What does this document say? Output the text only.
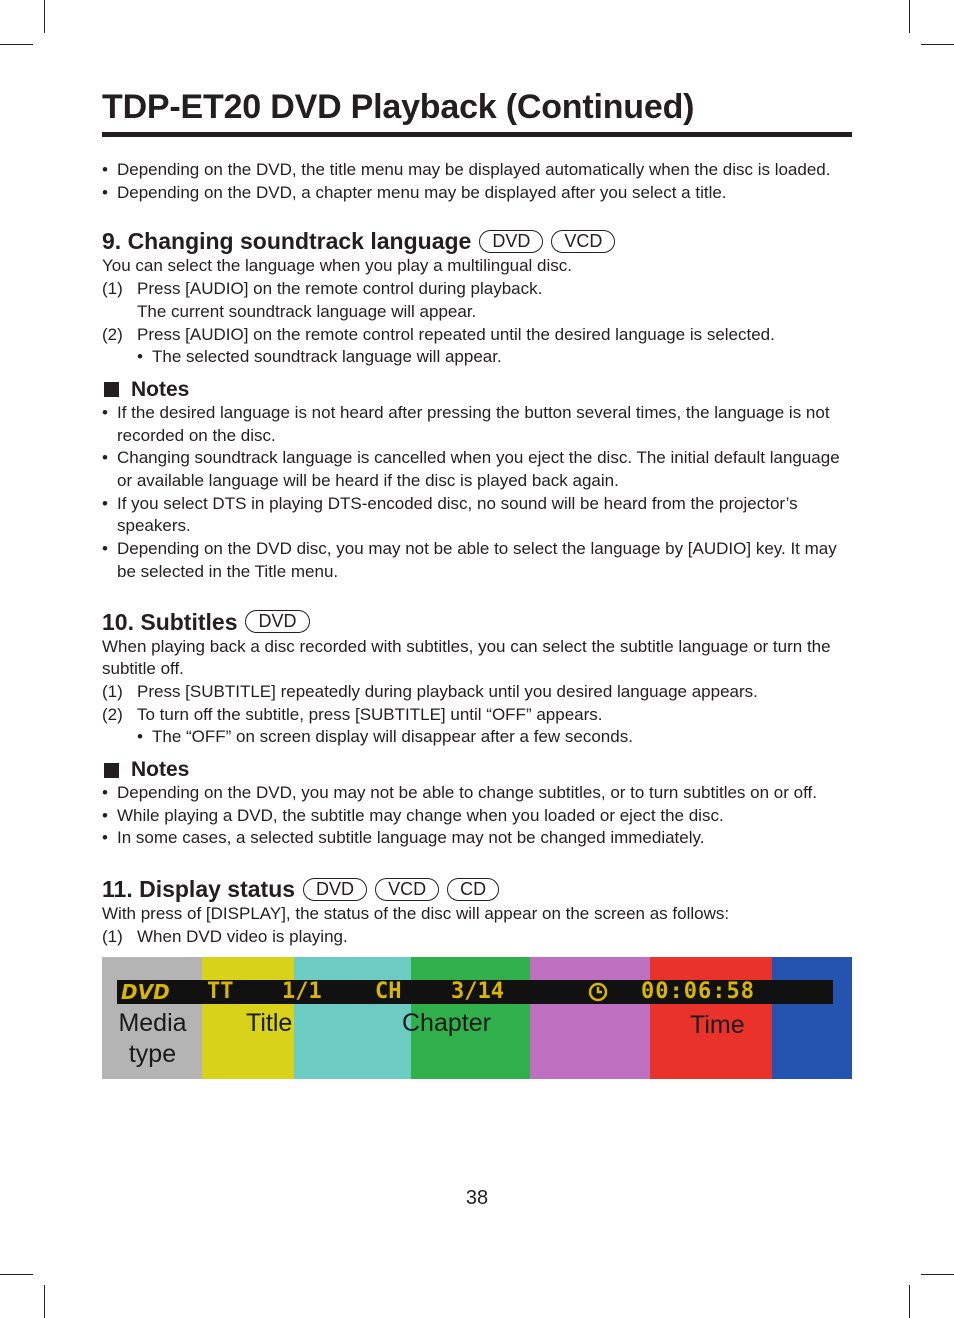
TDP-ET20 DVD Playback (Continued)
• Depending on the DVD, the title menu may be displayed automatically when the disc is loaded.
• Depending on the DVD, a chapter menu may be displayed after you select a title.
9. Changing soundtrack language	DVD	VCD
You can select the language when you play a multilingual disc.
(1) Press [AUDIO] on the remote control during playback.
The current soundtrack language will appear.
(2) Press [AUDIO] on the remote control repeated until the desired language is selected.
• The selected soundtrack language will appear.
Notes
• If the desired language is not heard after pressing the button several times, the language is not recorded on the disc.
• Changing soundtrack language is cancelled when you eject the disc. The initial default language or available language will be heard if the disc is played back again.
• If you select DTS in playing DTS-encoded disc, no sound will be heard from the projector’s speakers.
• Depending on the DVD disc, you may not be able to select the language by [AUDIO] key. It may be selected in the Title menu.
10. Subtitles	DVD
When playing back a disc recorded with subtitles, you can select the subtitle language or turn the subtitle off.
(1) Press [SUBTITLE] repeatedly during playback until you desired language appears.
(2) To turn off the subtitle, press [SUBTITLE] until “OFF” appears.
• The “OFF” on screen display will disappear after a few seconds.
Notes
• Depending on the DVD, you may not be able to change subtitles, or to turn subtitles on or off.
• While playing a DVD, the subtitle may change when you loaded or eject the disc.
• In some cases, a selected subtitle language may not be changed immediately.
11. Display status	DVD	VCD	CD
With press of [DISPLAY], the status of the disc will appear on the screen as follows:
(1) When DVD video is playing.
DVD TT 1/1 CH 3/14	00:06:58
Media
type
Title	Chapter	Time
38
